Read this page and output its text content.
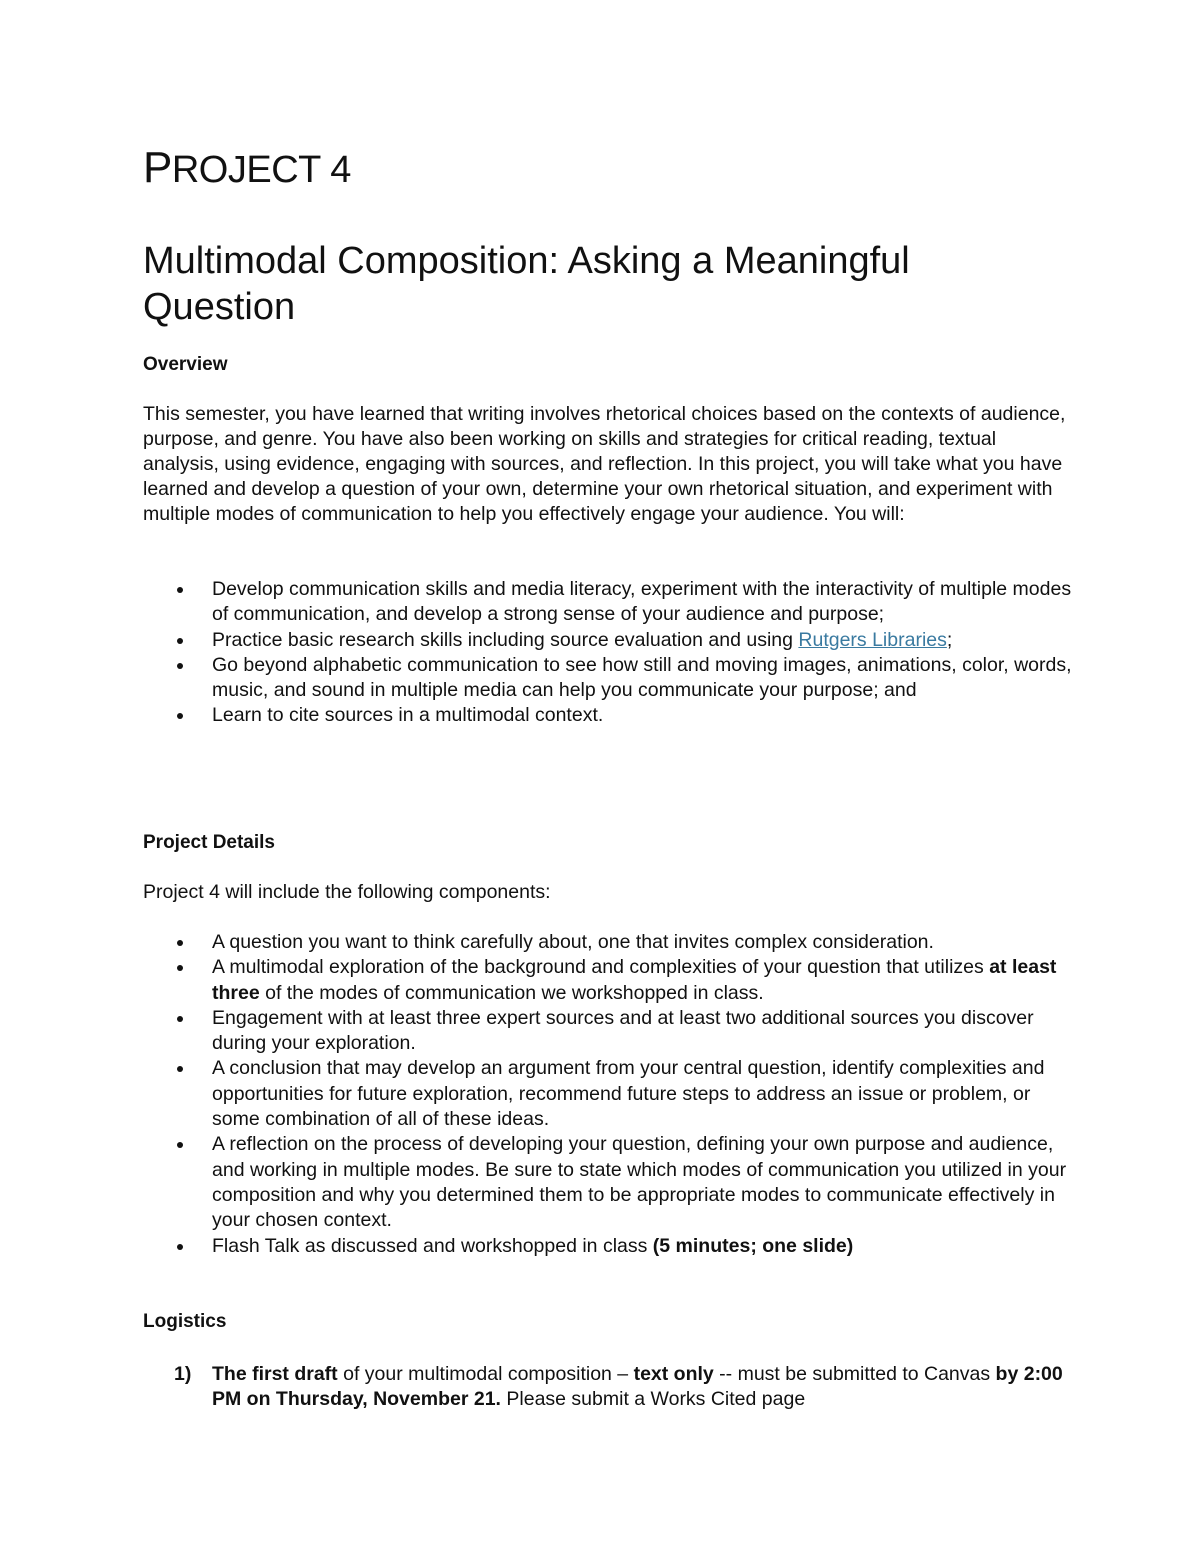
PROJECT 4
Multimodal Composition: Asking a Meaningful Question
Overview
This semester, you have learned that writing involves rhetorical choices based on the contexts of audience, purpose, and genre. You have also been working on skills and strategies for critical reading, textual analysis, using evidence, engaging with sources, and reflection. In this project, you will take what you have learned and develop a question of your own, determine your own rhetorical situation, and experiment with multiple modes of communication to help you effectively engage your audience. You will:
Develop communication skills and media literacy, experiment with the interactivity of multiple modes of communication, and develop a strong sense of your audience and purpose;
Practice basic research skills including source evaluation and using Rutgers Libraries;
Go beyond alphabetic communication to see how still and moving images, animations, color, words, music, and sound in multiple media can help you communicate your purpose; and
Learn to cite sources in a multimodal context.
Project Details
Project 4 will include the following components:
A question you want to think carefully about, one that invites complex consideration.
A multimodal exploration of the background and complexities of your question that utilizes at least three of the modes of communication we workshopped in class.
Engagement with at least three expert sources and at least two additional sources you discover during your exploration.
A conclusion that may develop an argument from your central question, identify complexities and opportunities for future exploration, recommend future steps to address an issue or problem, or some combination of all of these ideas.
A reflection on the process of developing your question, defining your own purpose and audience, and working in multiple modes. Be sure to state which modes of communication you utilized in your composition and why you determined them to be appropriate modes to communicate effectively in your chosen context.
Flash Talk as discussed and workshopped in class (5 minutes; one slide)
Logistics
1) The first draft of your multimodal composition – text only -- must be submitted to Canvas by 2:00 PM on Thursday, November 21. Please submit a Works Cited page
